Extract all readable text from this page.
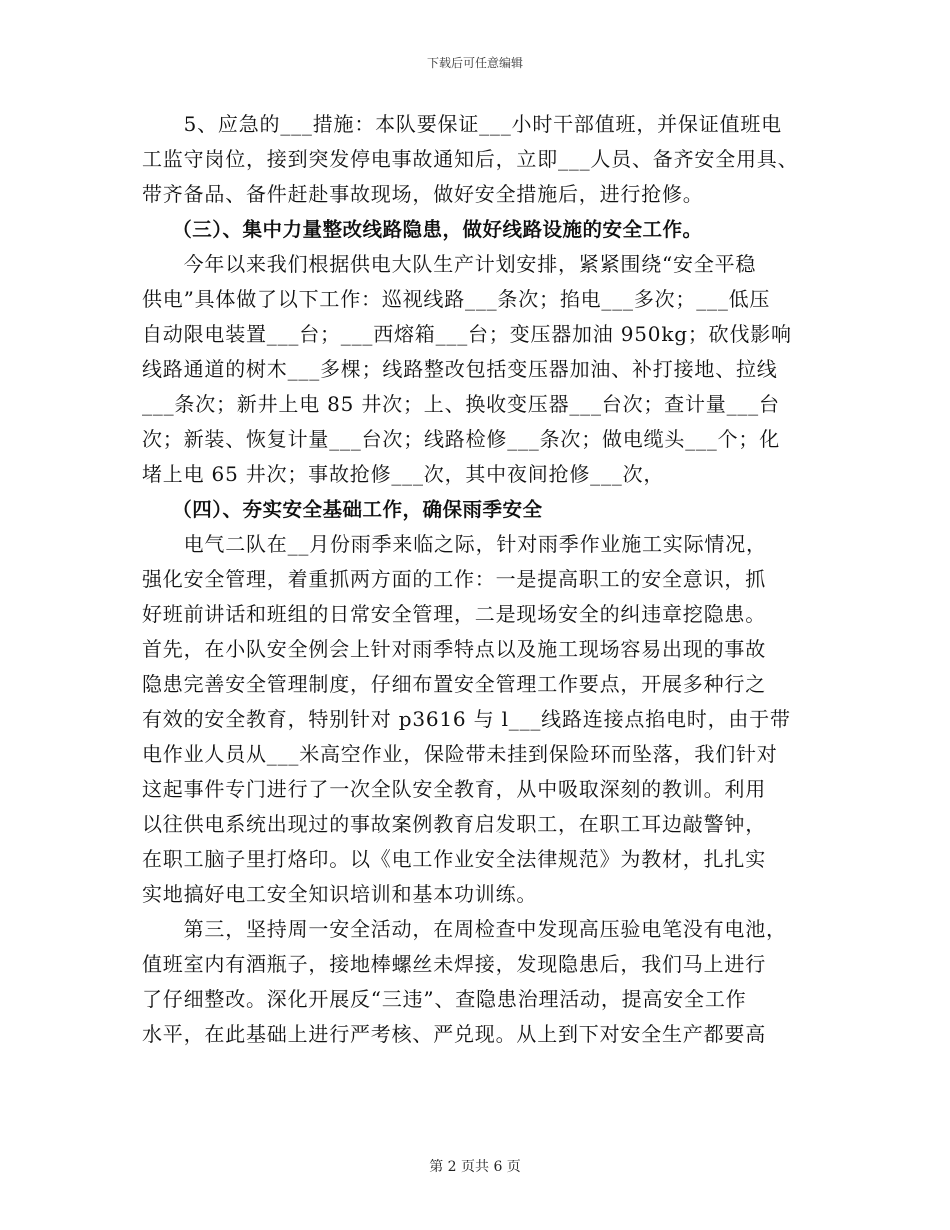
下载后可任意编辑
　　5、应急的___措施：本队要保证___小时干部值班，并保证值班电
工监守岗位，接到突发停电事故通知后，立即___人员、备齐安全用具、
带齐备品、备件赶赴事故现场，做好安全措施后，进行抢修。
　　（三）、集中力量整改线路隐患，做好线路设施的安全工作。
　　今年以来我们根据供电大队生产计划安排，紧紧围绕“安全平稳
供电”具体做了以下工作：巡视线路___条次；掐电___多次；___低压
自动限电装置___台；___西熔箱___台；变压器加油 950kg；砍伐影响
线路通道的树木___多棵；线路整改包括变压器加油、补打接地、拉线
___条次；新井上电 85 井次；上、换收变压器___台次；查计量___台
次；新装、恢复计量___台次；线路检修___条次；做电缆头___个；化
堵上电 65 井次；事故抢修___次，其中夜间抢修___次，
　　（四）、夯实安全基础工作，确保雨季安全
　　电气二队在__月份雨季来临之际，针对雨季作业施工实际情况，
强化安全管理，着重抓两方面的工作：一是提高职工的安全意识，抓
好班前讲话和班组的日常安全管理，二是现场安全的纠违章挖隐患。
首先，在小队安全例会上针对雨季特点以及施工现场容易出现的事故
隐患完善安全管理制度，仔细布置安全管理工作要点，开展多种行之
有效的安全教育，特别针对 p3616 与 l___线路连接点掐电时，由于带
电作业人员从___米高空作业，保险带未挂到保险环而坠落，我们针对
这起事件专门进行了一次全队安全教育，从中吸取深刻的教训。利用
以往供电系统出现过的事故案例教育启发职工，在职工耳边敲警钟，
在职工脑子里打烙印。以《电工作业安全法律规范》为教材，扎扎实
实地搞好电工安全知识培训和基本功训练。
　　第三，坚持周一安全活动，在周检查中发现高压验电笔没有电池，
值班室内有酒瓶子，接地棒螺丝未焊接，发现隐患后，我们马上进行
了仔细整改。深化开展反“三违”、查隐患治理活动，提高安全工作
水平，在此基础上进行严考核、严兑现。从上到下对安全生产都要高
第 2 页共 6 页
